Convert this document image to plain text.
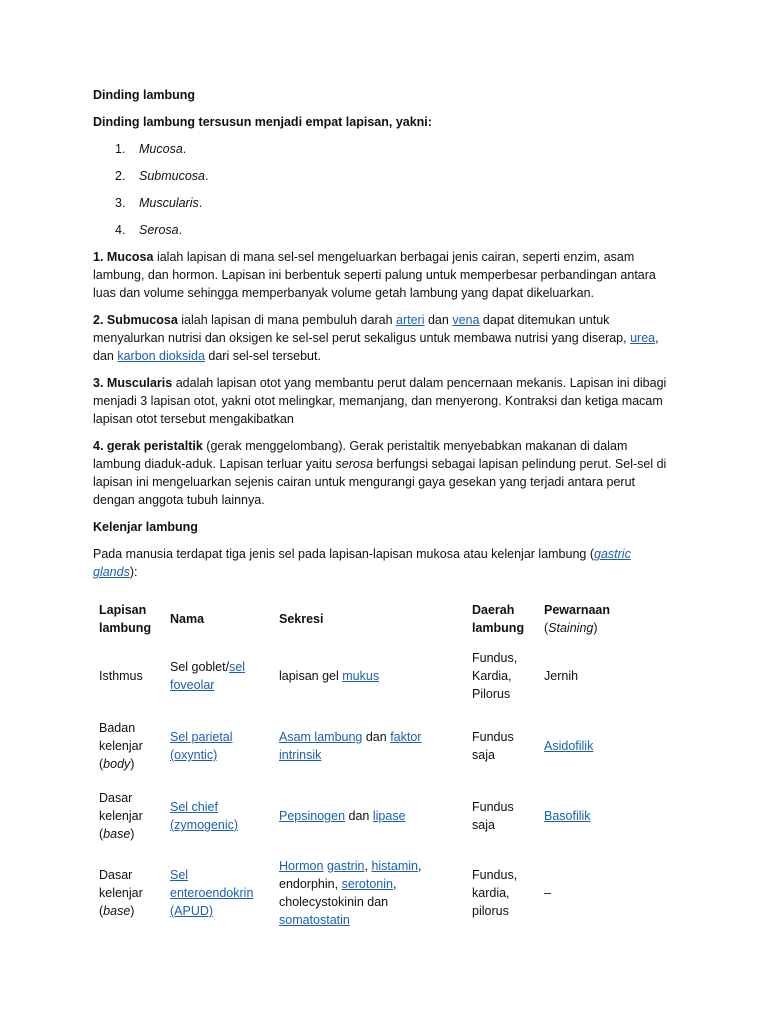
Dinding lambung

Dinding lambung tersusun menjadi empat lapisan, yakni:

1. Mucosa.
2. Submucosa.
3. Muscularis.
4. Serosa.

1. Mucosa ialah lapisan di mana sel-sel mengeluarkan berbagai jenis cairan, seperti enzim, asam lambung, dan hormon. Lapisan ini berbentuk seperti palung untuk memperbesar perbandingan antara luas dan volume sehingga memperbanyak volume getah lambung yang dapat dikeluarkan.

2. Submucosa ialah lapisan di mana pembuluh darah arteri dan vena dapat ditemukan untuk menyalurkan nutrisi dan oksigen ke sel-sel perut sekaligus untuk membawa nutrisi yang diserap, urea, dan karbon dioksida dari sel-sel tersebut.

3. Muscularis adalah lapisan otot yang membantu perut dalam pencernaan mekanis. Lapisan ini dibagi menjadi 3 lapisan otot, yakni otot melingkar, memanjang, dan menyerong. Kontraksi dan ketiga macam lapisan otot tersebut mengakibatkan

4. gerak peristaltik (gerak menggelombang). Gerak peristaltik menyebabkan makanan di dalam lambung diaduk-aduk. Lapisan terluar yaitu serosa berfungsi sebagai lapisan pelindung perut. Sel-sel di lapisan ini mengeluarkan sejenis cairan untuk mengurangi gaya gesekan yang terjadi antara perut dengan anggota tubuh lainnya.

Kelenjar lambung

Pada manusia terdapat tiga jenis sel pada lapisan-lapisan mukosa atau kelenjar lambung (gastric glands):

Lapisan lambung	Nama	Sekresi	Daerah lambung	Pewarnaan (Staining)
Isthmus	Sel goblet/sel foveolar	lapisan gel mukus	Fundus, Kardia, Pilorus	Jernih
Badan kelenjar (body)	Sel parietal (oxyntic)	Asam lambung dan faktor intrinsik	Fundus saja	Asidofilik
Dasar kelenjar (base)	Sel chief (zymogenic)	Pepsinogen dan lipase	Fundus saja	Basofilik
Dasar kelenjar (base)	Sel enteroendokrin (APUD)	Hormon gastrin, histamin, endorphin, serotonin, cholecystokinin dan somatostatin	Fundus, kardia, pilorus	–
